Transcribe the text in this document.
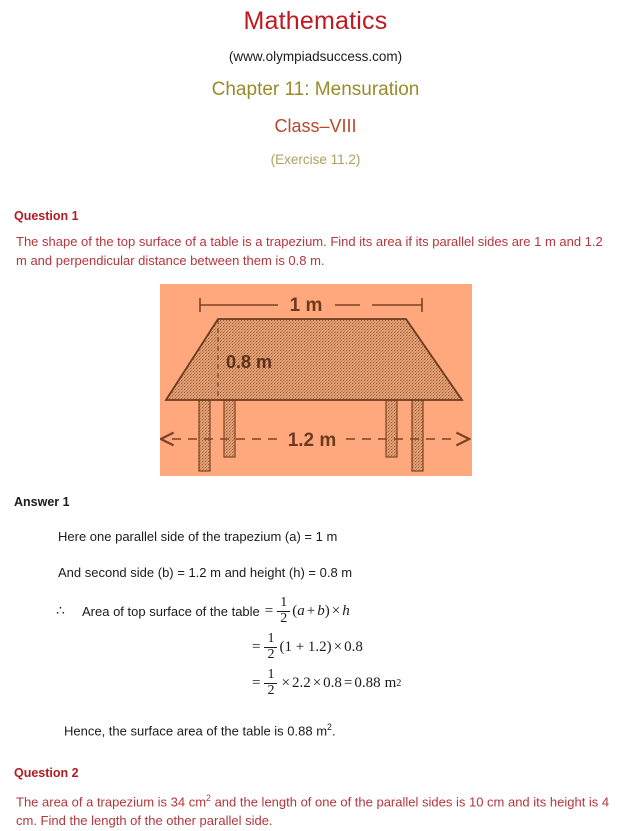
Mathematics
(www.olympiadsuccess.com)
Chapter 11: Mensuration
Class–VIII
(Exercise 11.2)
Question 1
The shape of the top surface of a table is a trapezium. Find its area if its parallel sides are 1 m and 1.2 m and perpendicular distance between them is 0.8 m.
1 m
0.8 m
1.2 m
Answer 1
Here one parallel side of the trapezium (a) = 1 m
And second side (b) = 1.2 m and height (h) = 0.8 m
∴	Area of top surface of the table = $\frac{1}{2}$ ( a + b ) × h
= $\frac{1}{2} (1 + 1.2) \times 0.8$
= $\frac{1}{2} \times 2.2 \times 0.8 = 0.88$ m 2
Hence, the surface area of the table is 0.88 $m^2$.
Question 2
The area of a trapezium is 34 $cm^2$ and the length of one of the parallel sides is 10 cm and its height is 4 cm. Find the length of the other parallel side.
